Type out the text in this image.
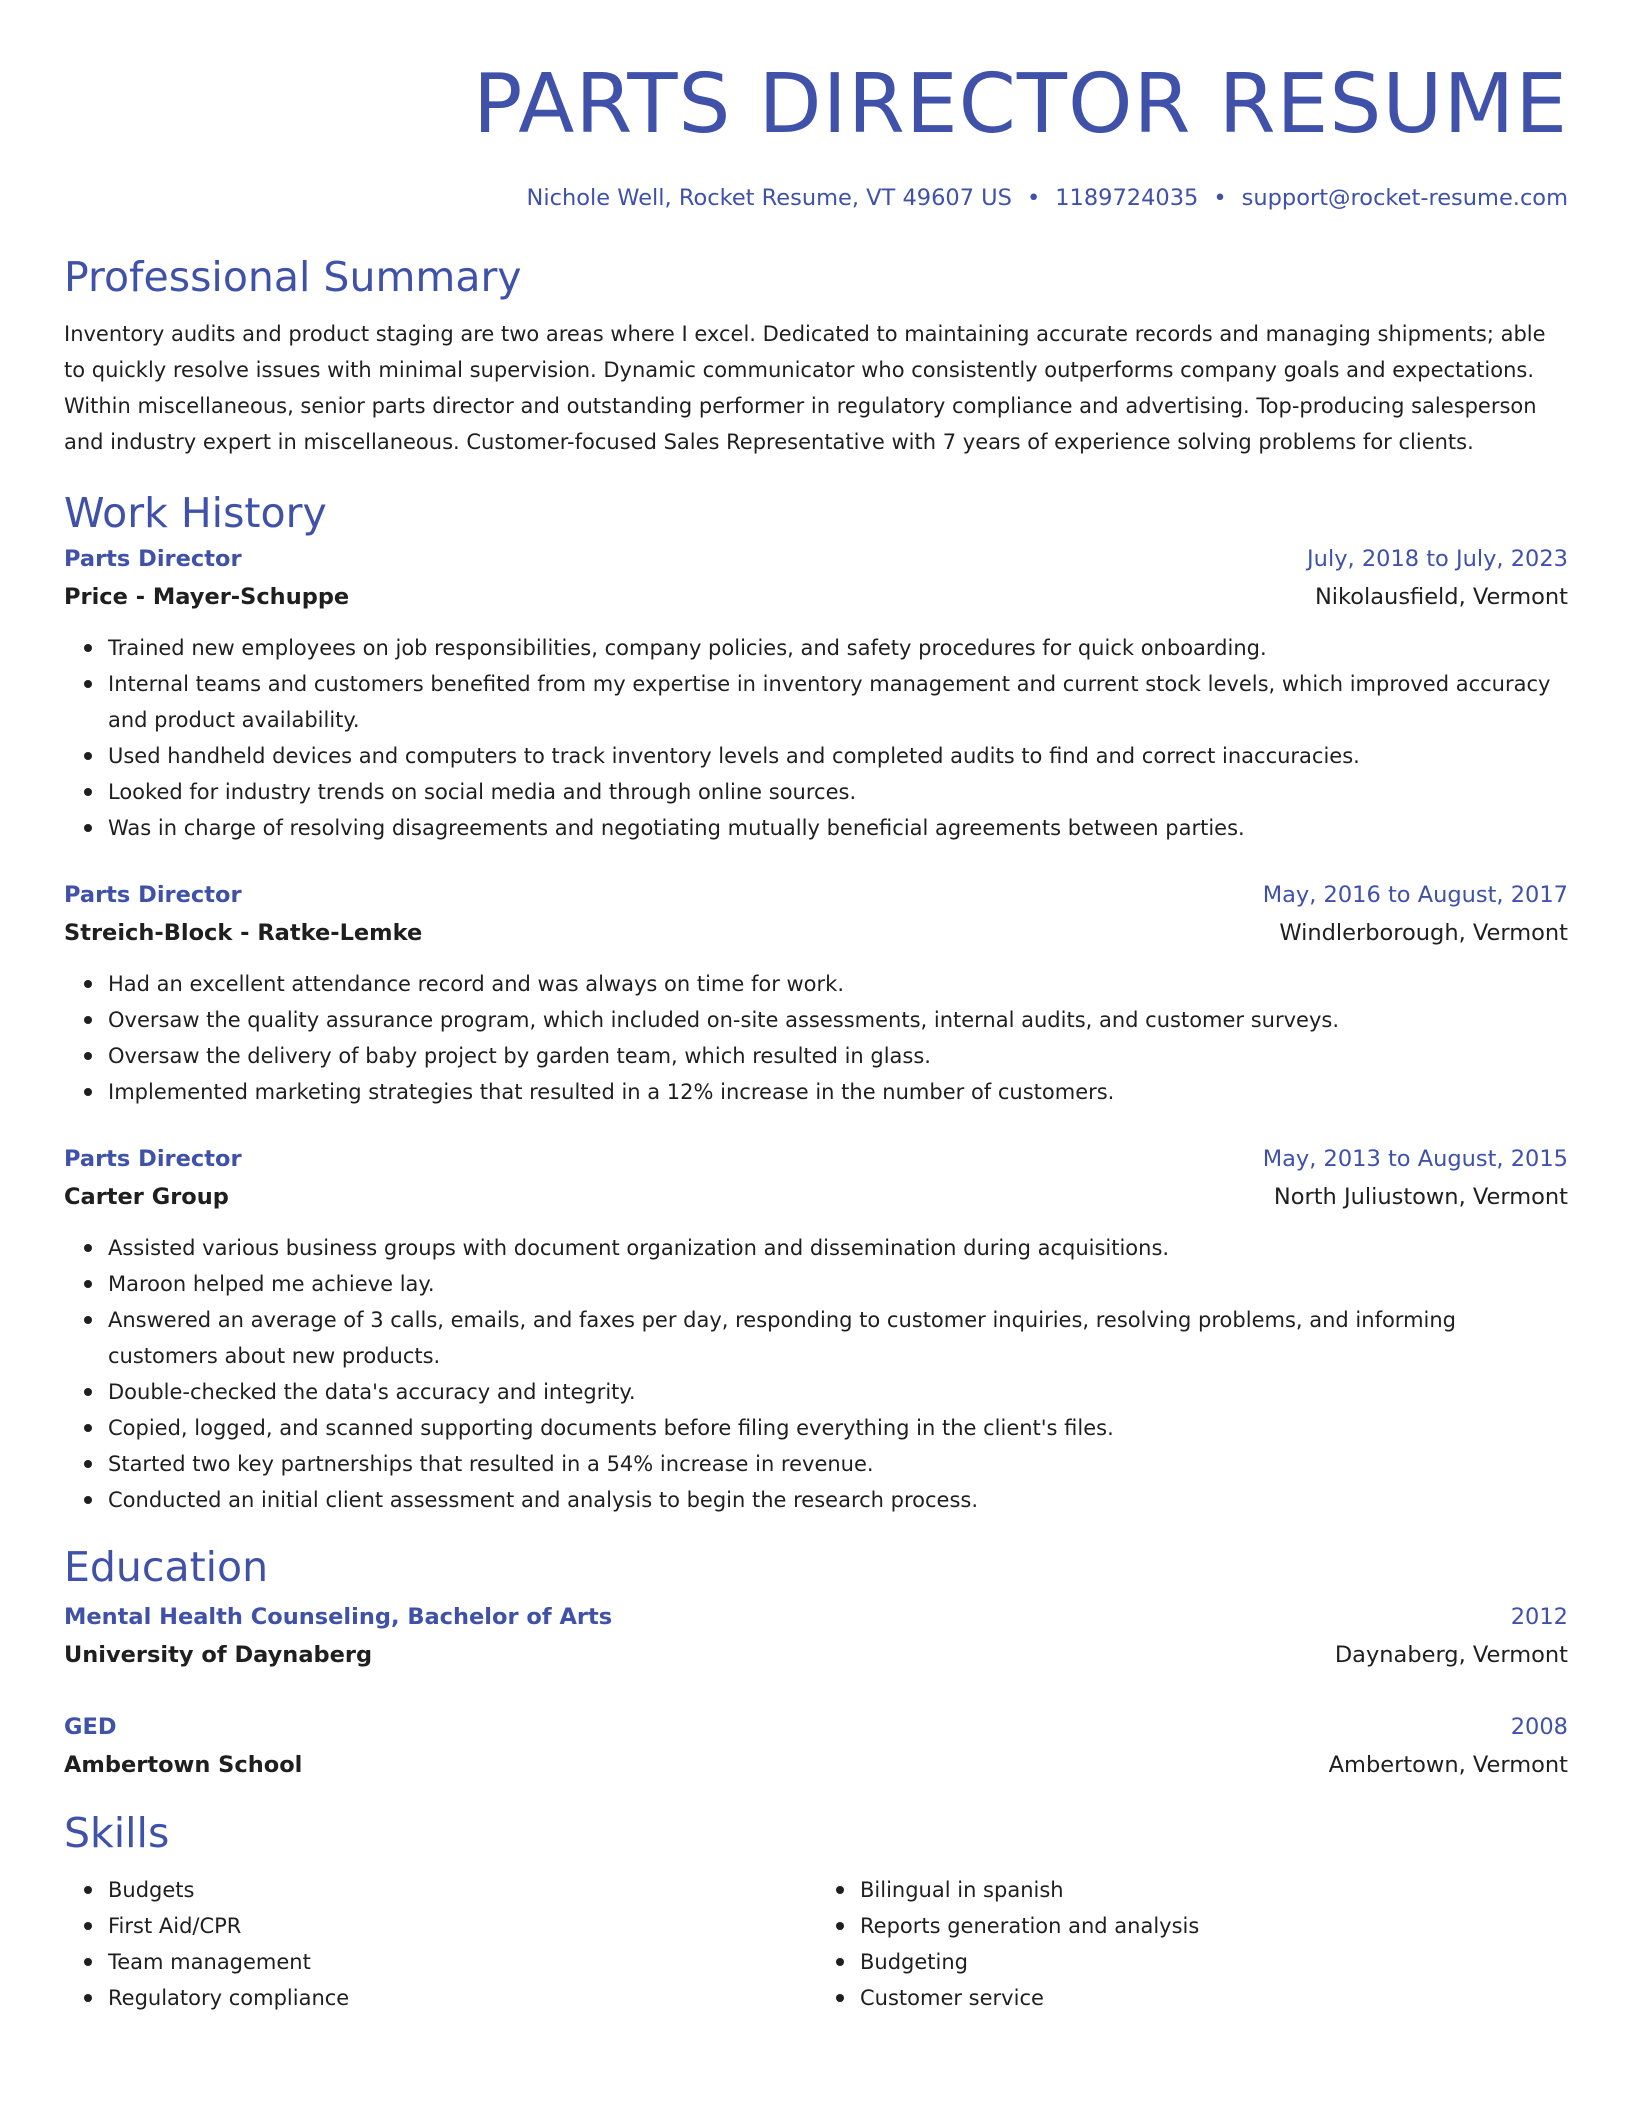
PARTS DIRECTOR RESUME
Nichole Well, Rocket Resume, VT 49607 US • 1189724035 • support@rocket-resume.com
Professional Summary

Inventory audits and product staging are two areas where I excel. Dedicated to maintaining accurate records and managing shipments; able to quickly resolve issues with minimal supervision. Dynamic communicator who consistently outperforms company goals and expectations. Within miscellaneous, senior parts director and outstanding performer in regulatory compliance and advertising. Top-producing salesperson and industry expert in miscellaneous. Customer-focused Sales Representative with 7 years of experience solving problems for clients.

Work History
Parts Director	July, 2018 to July, 2023
Price - Mayer-Schuppe	Nikolausfield, Vermont
Trained new employees on job responsibilities, company policies, and safety procedures for quick onboarding.
Internal teams and customers benefited from my expertise in inventory management and current stock levels, which improved accuracy and product availability.
Used handheld devices and computers to track inventory levels and completed audits to find and correct inaccuracies.
Looked for industry trends on social media and through online sources.
Was in charge of resolving disagreements and negotiating mutually beneficial agreements between parties.
Parts Director	May, 2016 to August, 2017
Streich-Block - Ratke-Lemke	Windlerborough, Vermont
Had an excellent attendance record and was always on time for work.
Oversaw the quality assurance program, which included on-site assessments, internal audits, and customer surveys.
Oversaw the delivery of baby project by garden team, which resulted in glass.
Implemented marketing strategies that resulted in a 12% increase in the number of customers.
Parts Director	May, 2013 to August, 2015
Carter Group	North Juliustown, Vermont
Assisted various business groups with document organization and dissemination during acquisitions.
Maroon helped me achieve lay.
Answered an average of 3 calls, emails, and faxes per day, responding to customer inquiries, resolving problems, and informing customers about new products.
Double-checked the data's accuracy and integrity.
Copied, logged, and scanned supporting documents before filing everything in the client's files.
Started two key partnerships that resulted in a 54% increase in revenue.
Conducted an initial client assessment and analysis to begin the research process.
Education
Mental Health Counseling, Bachelor of Arts	2012
University of Daynaberg	Daynaberg, Vermont
GED	2008
Ambertown School	Ambertown, Vermont
Skills
Budgets
First Aid/CPR
Team management
Regulatory compliance
Bilingual in spanish
Reports generation and analysis
Budgeting
Customer service
